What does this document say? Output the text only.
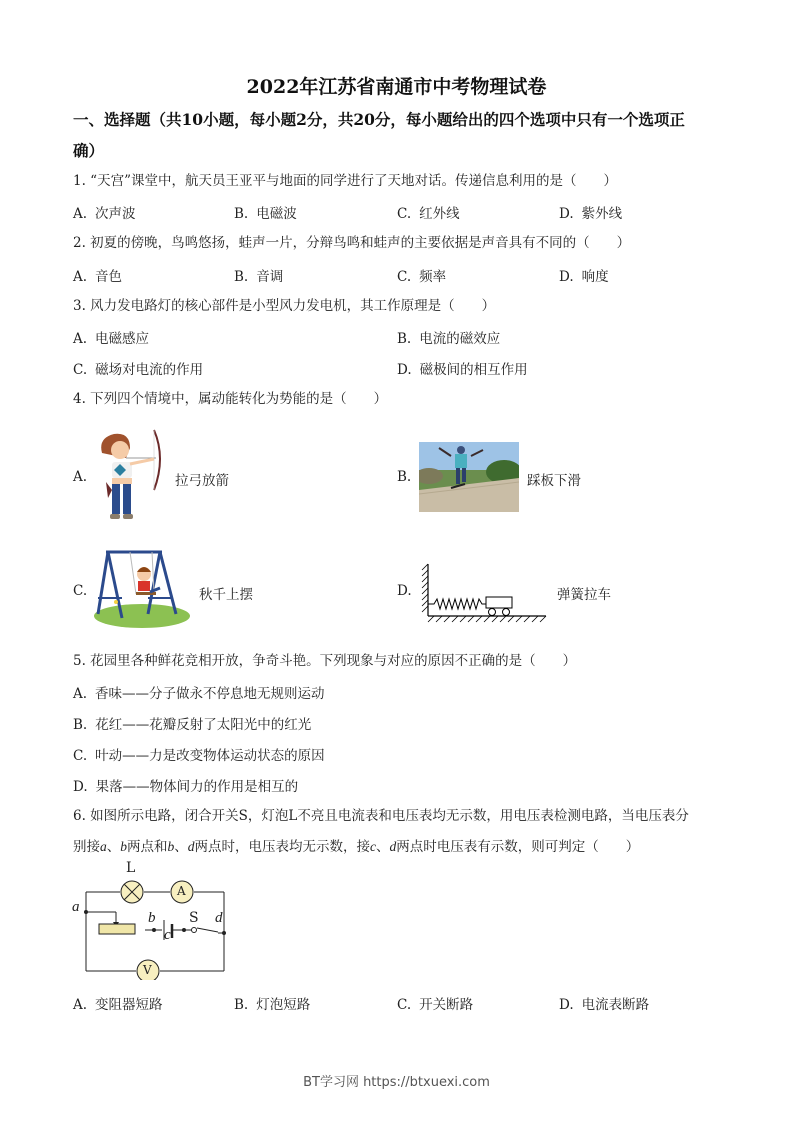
2022年江苏省南通市中考物理试卷
一、选择题（共10小题，每小题2分，共20分，每小题给出的四个选项中只有一个选项正
确）
1. “天宫”课堂中，航天员王亚平与地面的同学进行了天地对话。传递信息利用的是（　　）
A. 次声波	B. 电磁波	C. 红外线	D. 紫外线
2. 初夏的傍晚，鸟鸣悠扬，蛙声一片，分辩鸟鸣和蛙声的主要依据是声音具有不同的（　　）
A. 音色	B. 音调	C. 频率	D. 响度
3. 风力发电路灯的核心部件是小型风力发电机，其工作原理是（　　）
A. 电磁感应	B. 电流的磁效应
C. 磁场对电流的作用	D. 磁极间的相互作用
4. 下列四个情境中，属动能转化为势能的是（　　）
A.	拉弓放箭	B.	踩板下滑
C.	秋千上摆	D.	弹簧拉车
5. 花园里各种鲜花竞相开放，争奇斗艳。下列现象与对应的原因不正确的是（　　）
A. 香味——分子做永不停息地无规则运动
B. 花红——花瓣反射了太阳光中的红光
C. 叶动——力是改变物体运动状态的原因
D. 果落——物体间力的作用是相互的
6. 如图所示电路，闭合开关S，灯泡L不亮且电流表和电压表均无示数，用电压表检测电路，当电压表分
别接a、b两点和b、d两点时，电压表均无示数，接c、d两点时电压表有示数，则可判定（　　）
L
A
V
S
a
b
c
d
A. 变阻器短路	B. 灯泡短路	C. 开关断路	D. 电流表断路
BT学习网 https://btxuexi.com
